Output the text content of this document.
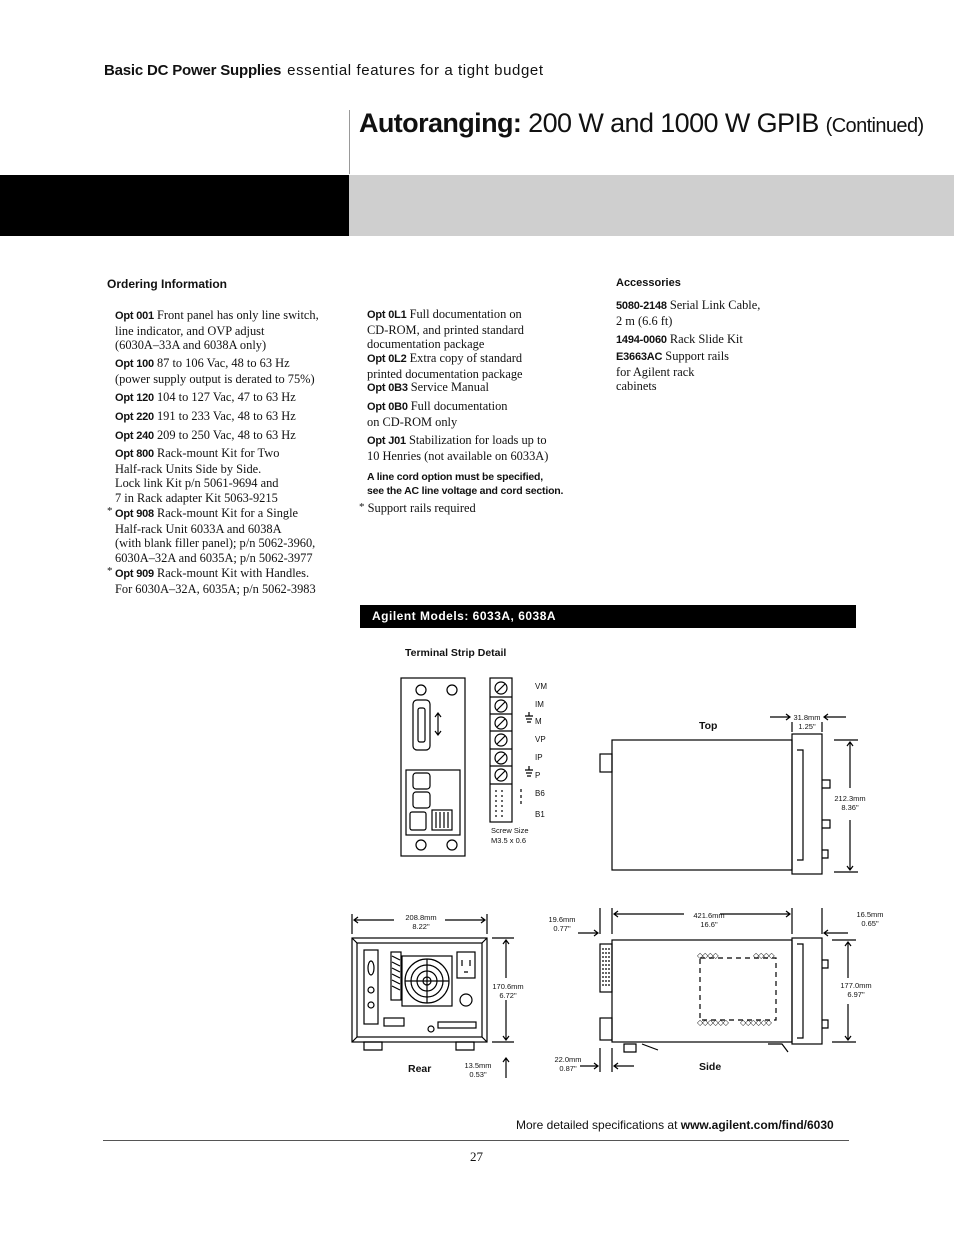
Basic DC Power Supplies essential features for a tight budget
Autoranging: 200 W and 1000 W GPIB (Continued)
Ordering Information
Opt 001 Front panel has only line switch,
line indicator, and OVP adjust
(6030A–33A and 6038A only)
Opt 100 87 to 106 Vac, 48 to 63 Hz
(power supply output is derated to 75%)
Opt 120 104 to 127 Vac, 47 to 63 Hz
Opt 220 191 to 233 Vac, 48 to 63 Hz
Opt 240 209 to 250 Vac, 48 to 63 Hz
Opt 800 Rack-mount Kit for Two
Half-rack Units Side by Side.
Lock link Kit p/n 5061-9694 and
7 in Rack adapter Kit 5063-9215
* Opt 908 Rack-mount Kit for a Single
Half-rack Unit 6033A and 6038A
(with blank filler panel); p/n 5062-3960,
6030A–32A and 6035A; p/n 5062-3977
* Opt 909 Rack-mount Kit with Handles.
For 6030A–32A, 6035A; p/n 5062-3983
Opt 0L1 Full documentation on
CD-ROM, and printed standard
documentation package
Opt 0L2 Extra copy of standard
printed documentation package
Opt 0B3 Service Manual
Opt 0B0 Full documentation
on CD-ROM only
Opt J01 Stabilization for loads up to
10 Henries (not available on 6033A)
A line cord option must be specified,
see the AC line voltage and cord section.
* Support rails required
Accessories
5080-2148 Serial Link Cable,
2 m (6.6 ft)
1494-0060 Rack Slide Kit
E3663AC Support rails
for Agilent rack
cabinets
Agilent Models: 6033A, 6038A
Terminal Strip Detail
◇◇◇◇	◇◇◇◇
◇◇◇◇◇◇ ◇◇◇◇◇◇
VM
IM
M
VP
IP
P
B6
B1
Screw Size
M3.5 x 0.6
Top
Rear	Side
31.8mm
1.25"
212.3mm
8.36"
208.8mm
8.22"
170.6mm
6.72"
13.5mm
0.53"
19.6mm
0.77"
421.6mm
16.6"
16.5mm
0.65"
177.0mm
6.97"
22.0mm
0.87"
More detailed specifications at www.agilent.com/find/6030
27
